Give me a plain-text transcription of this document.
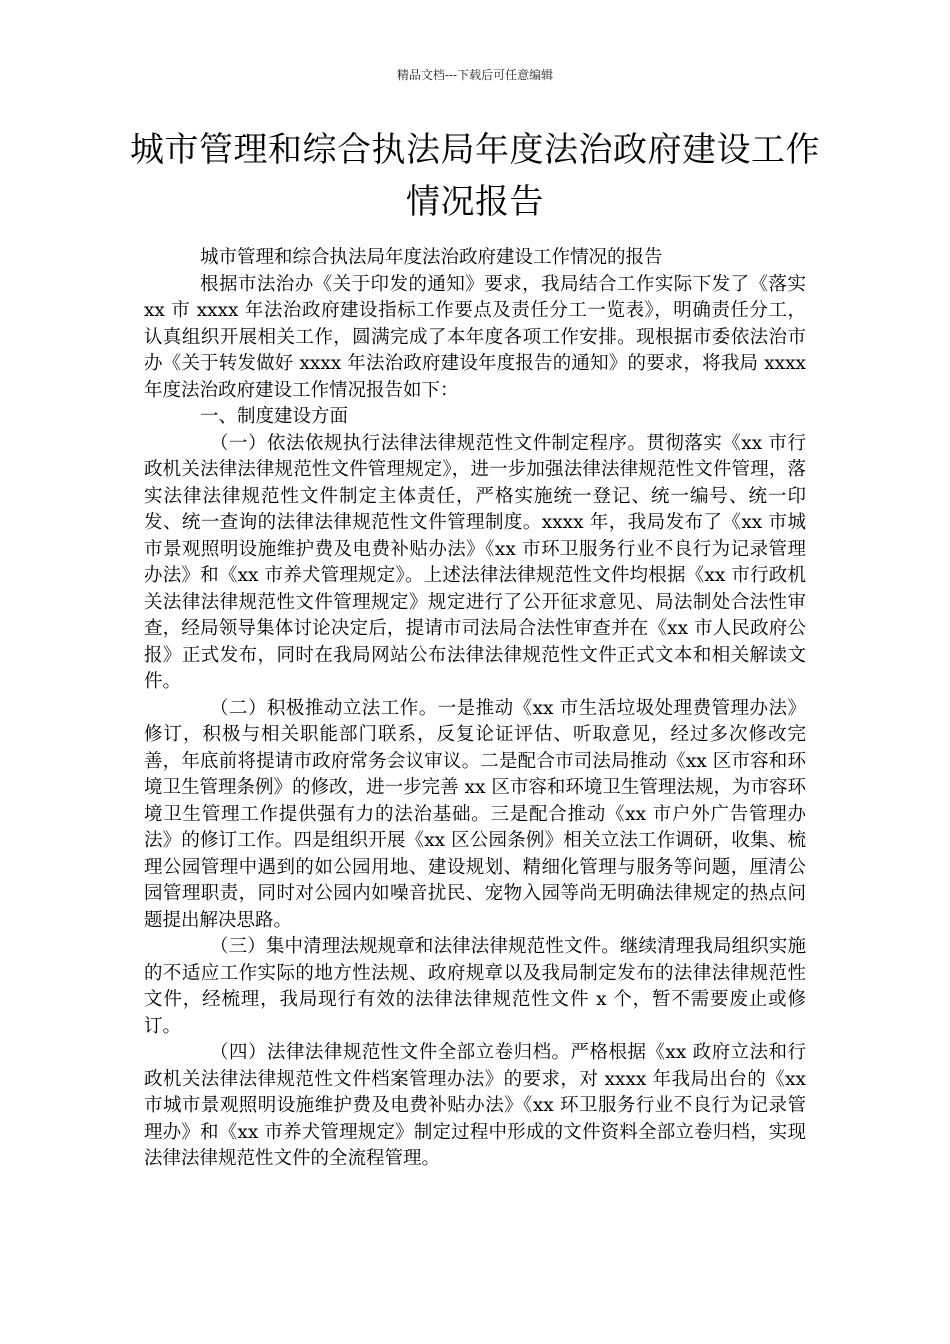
精品文档---下载后可任意编辑
城市管理和综合执法局年度法治政府建设工作情况报告

城市管理和综合执法局年度法治政府建设工作情况的报告

根据市法治办《关于印发的通知》要求，我局结合工作实际下发了《落实 xx 市 xxxx 年法治政府建设指标工作要点及责任分工一览表》，明确责任分工，认真组织开展相关工作，圆满完成了本年度各项工作安排。现根据市委依法治市办《关于转发做好 xxxx 年法治政府建设年度报告的通知》的要求，将我局 xxxx 年度法治政府建设工作情况报告如下：

一、制度建设方面

（一）依法依规执行法律法律规范性文件制定程序。贯彻落实《xx 市行政机关法律法律规范性文件管理规定》，进一步加强法律法律规范性文件管理，落实法律法律规范性文件制定主体责任，严格实施统一登记、统一编号、统一印发、统一查询的法律法律规范性文件管理制度。xxxx 年，我局发布了《xx 市城市景观照明设施维护费及电费补贴办法》《xx 市环卫服务行业不良行为记录管理办法》和《xx 市养犬管理规定》。上述法律法律规范性文件均根据《xx 市行政机关法律法律规范性文件管理规定》规定进行了公开征求意见、局法制处合法性审查，经局领导集体讨论决定后，提请市司法局合法性审查并在《xx 市人民政府公报》正式发布，同时在我局网站公布法律法律规范性文件正式文本和相关解读文件。

（二）积极推动立法工作。一是推动《xx 市生活垃圾处理费管理办法》修订，积极与相关职能部门联系，反复论证评估、听取意见，经过多次修改完善，年底前将提请市政府常务会议审议。二是配合市司法局推动《xx 区市容和环境卫生管理条例》的修改，进一步完善 xx 区市容和环境卫生管理法规，为市容环境卫生管理工作提供强有力的法治基础。三是配合推动《xx 市户外广告管理办法》的修订工作。四是组织开展《xx 区公园条例》相关立法工作调研，收集、梳理公园管理中遇到的如公园用地、建设规划、精细化管理与服务等问题，厘清公园管理职责，同时对公园内如噪音扰民、宠物入园等尚无明确法律规定的热点问题提出解决思路。

（三）集中清理法规规章和法律法律规范性文件。继续清理我局组织实施的不适应工作实际的地方性法规、政府规章以及我局制定发布的法律法律规范性文件，经梳理，我局现行有效的法律法律规范性文件 x 个，暂不需要废止或修订。

（四）法律法律规范性文件全部立卷归档。严格根据《xx 政府立法和行政机关法律法律规范性文件档案管理办法》的要求，对 xxxx 年我局出台的《xx 市城市景观照明设施维护费及电费补贴办法》《xx 环卫服务行业不良行为记录管理办》和《xx 市养犬管理规定》制定过程中形成的文件资料全部立卷归档，实现法律法律规范性文件的全流程管理。
